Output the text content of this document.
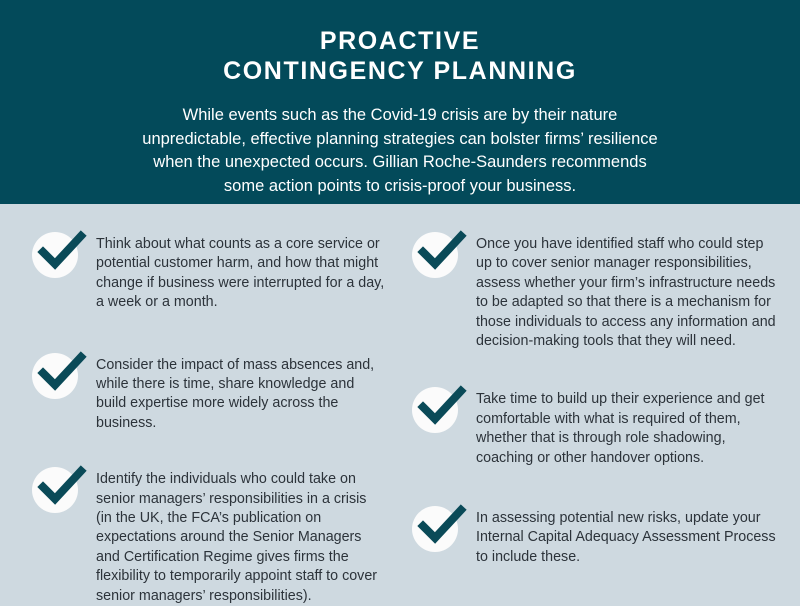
PROACTIVE
CONTINGENCY PLANNING
While events such as the Covid-19 crisis are by their nature unpredictable, effective planning strategies can bolster firms’ resilience when the unexpected occurs. Gillian Roche-Saunders recommends some action points to crisis-proof your business.
Think about what counts as a core service or potential customer harm, and how that might change if business were interrupted for a day, a week or a month.
Consider the impact of mass absences and, while there is time, share knowledge and build expertise more widely across the business.
Identify the individuals who could take on senior managers’ responsibilities in a crisis (in the UK, the FCA’s publication on expectations around the Senior Managers and Certification Regime gives firms the flexibility to temporarily appoint staff to cover senior managers’ responsibilities).
Once you have identified staff who could step up to cover senior manager responsibilities, assess whether your firm’s infrastructure needs to be adapted so that there is a mechanism for those individuals to access any information and decision-making tools that they will need.
Take time to build up their experience and get comfortable with what is required of them, whether that is through role shadowing, coaching or other handover options.
In assessing potential new risks, update your Internal Capital Adequacy Assessment Process to include these.
